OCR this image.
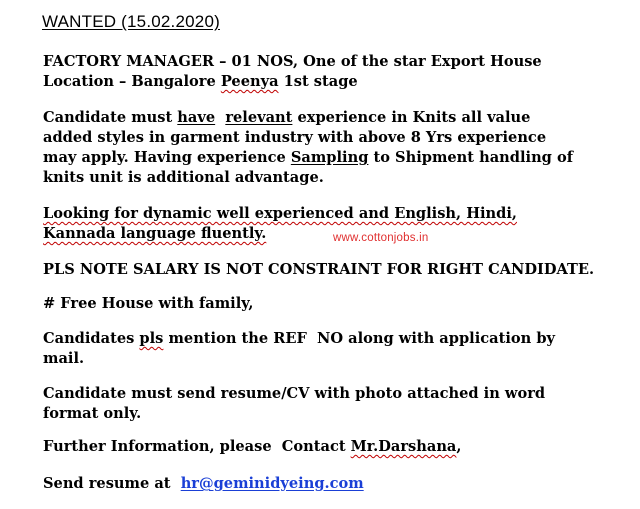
WANTED (15.02.2020)
FACTORY MANAGER – 01 NOS, One of the star Export House
Location – Bangalore Peenya 1st stage
Candidate must have relevant experience in Knits all value
added styles in garment industry with above 8 Yrs experience
may apply. Having experience Sampling to Shipment handling of
knits unit is additional advantage.
Looking for dynamic well experienced and English, Hindi,
Kannada language fluently.	www.cottonjobs.in
PLS NOTE SALARY IS NOT CONSTRAINT FOR RIGHT CANDIDATE.
# Free House with family,
Candidates pls mention the REF  NO along with application by
mail.
Candidate must send resume/CV with photo attached in word
format only.
Further Information, please  Contact Mr.Darshana,
Send resume at  hr@geminidyeing.com
